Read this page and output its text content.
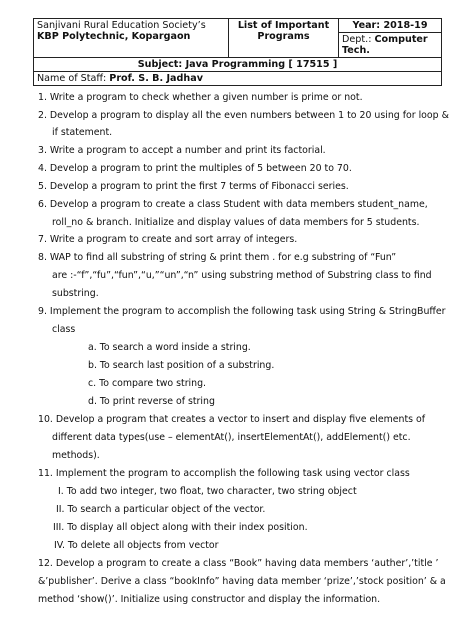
Sanjivani Rural Education Society’s
KBP Polytechnic, Kopargaon
	List of Important Programs	Year: 2018-19
Dept.: Computer Tech.
Subject: Java Programming [ 17515 ]
Name of Staff: Prof. S. B. Jadhav
1. Write a program to check whether a given number is prime or not.
2. Develop a program to display all the even numbers between 1 to 20 using for loop &
if statement.
3. Write a program to accept a number and print its factorial.
4. Develop a program to print the multiples of 5 between 20 to 70.
5. Develop a program to print the first 7 terms of Fibonacci series.
6. Develop a program to create a class Student with data members student_name,
roll_no & branch. Initialize and display values of data members for 5 students.
7. Write a program to create and sort array of integers.
8. WAP to find all substring of string & print them . for e.g substring of “Fun”
are :-“f”,“fu”,“fun”,“u,”“un”,“n” using substring method of Substring class to find
substring.
9. Implement the program to accomplish the following task using String & StringBuffer
class
a. To search a word inside a string.
b. To search last position of a substring.
c. To compare two string.
d. To print reverse of string
10. Develop a program that creates a vector to insert and display five elements of
different data types(use – elementAt(), insertElementAt(), addElement() etc.
methods).
11. Implement the program to accomplish the following task using vector class
I. To add two integer, two float, two character, two string object
II. To search a particular object of the vector.
III. To display all object along with their index position.
IV. To delete all objects from vector
12. Develop a program to create a class “Book” having data members ‘auther’,’title ’
&’publisher’. Derive a class “bookInfo” having data member ‘prize’,’stock position’ & a
method ‘show()’. Initialize using constructor and display the information.
